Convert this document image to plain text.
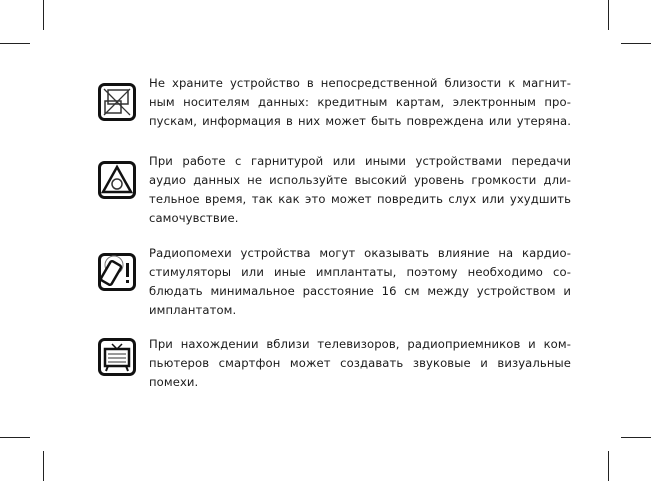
Не храните устройство в непосредственной близости к магнит-
ным носителям данных: кредитным картам, электронным про-
пускам, информация в них может быть повреждена или утеряна.
При работе с гарнитурой или иными устройствами передачи
аудио данных не используйте высокий уровень громкости дли-
тельное время, так как это может повредить слух или ухудшить
самочувствие.
Радиопомехи устройства могут оказывать влияние на кардио-
стимуляторы или иные имплантаты, поэтому необходимо со-
блюдать минимальное расстояние 16 см между устройством и
имплантатом.
При нахождении вблизи телевизоров, радиоприемников и ком-
пьютеров смартфон может создавать звуковые и визуальные
помехи.
